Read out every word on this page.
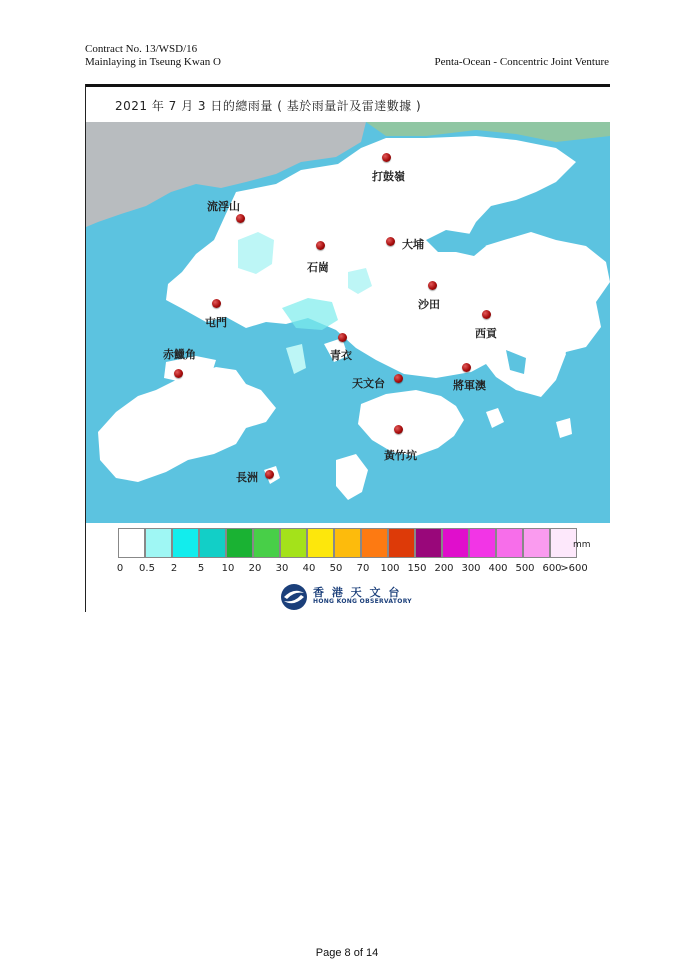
Contract No. 13/WSD/16
Mainlaying in Tseung Kwan O	Penta-Ocean - Concentric Joint Venture
2021 年 7 月 3 日的總雨量 ( 基於雨量計及雷達數據 )
打鼓嶺
流浮山
石崗
大埔
沙田
屯門
西貢
赤鱲角	青衣
天文台	將軍澳
黃竹坑
長洲
mm
0 0.5 2 5 10 20 30 40 50 70 100 150 200 300 400 500 600
>600
香 港 天 文 台
HONG KONG OBSERVATORY
Page 8 of 14
